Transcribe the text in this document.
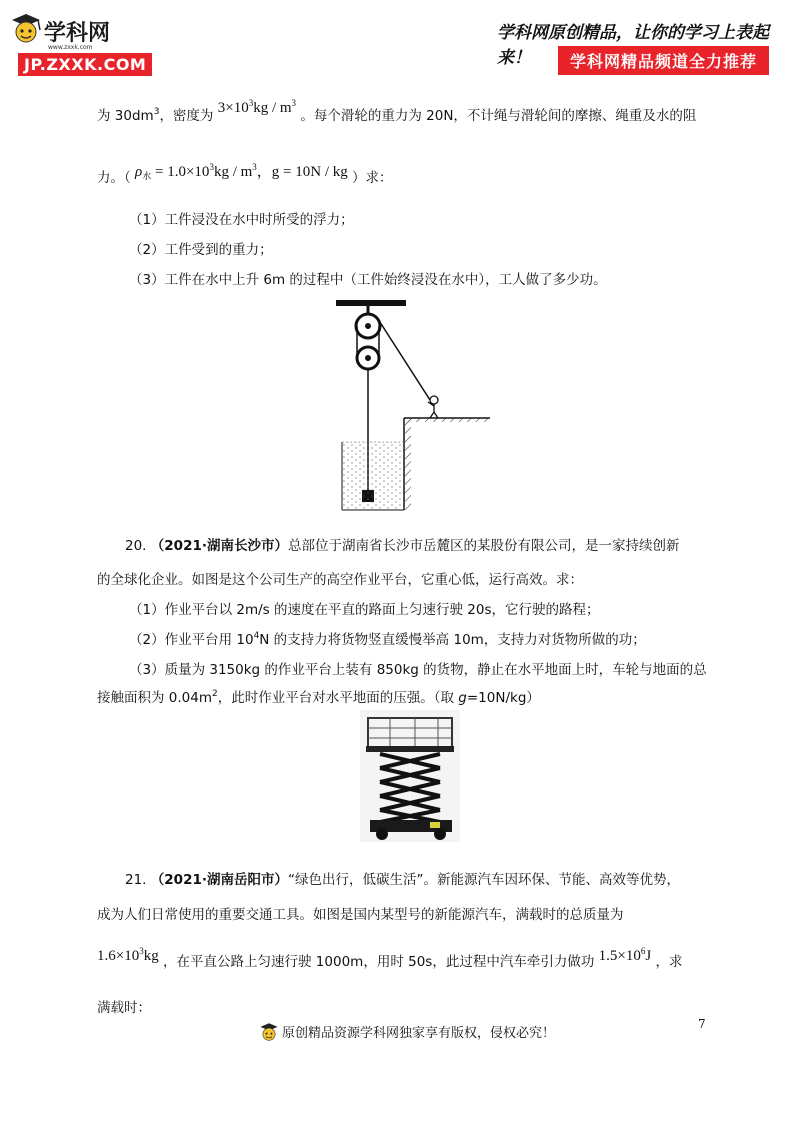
学科网
www.zxxk.com
JP.ZXXK.COM
学科网原创精品，让你的学习上表起来！	学科网精品频道全力推荐
为 $30dm^3$，密度为 $3\times 10^3kg / m^3$ 。每个滑轮的重力为 20N，不计绳与滑轮间的摩擦、绳重及水的阻
力。（ $\rho_水 = 1.0\times 10^3kg / m^3$，g = 10N / kg ）求：
（1）工件浸没在水中时所受的浮力；
（2）工件受到的重力；
（3）工件在水中上升 6m 的过程中（工件始终浸没在水中），工人做了多少功。
20. （2021·湖南长沙市）总部位于湖南省长沙市岳麓区的某股份有限公司，是一家持续创新
的全球化企业。如图是这个公司生产的高空作业平台，它重心低，运行高效。求：
（1）作业平台以 2m/s 的速度在平直的路面上匀速行驶 20s，它行驶的路程；
（2）作业平台用 $10^4N$ 的支持力将货物竖直缓慢举高 10m，支持力对货物所做的功；
（3）质量为 3150kg 的作业平台上装有 850kg 的货物，静止在水平地面上时，车轮与地面的总
接触面积为 $0.04m^2$，此时作业平台对水平地面的压强。（取 g=10N/kg）
21. （2021·湖南岳阳市）“绿色出行，低碳生活”。新能源汽车因环保、节能、高效等优势，
成为人们日常使用的重要交通工具。如图是国内某型号的新能源汽车，满载时的总质量为
$1.6\times 10^3kg$ ，在平直公路上匀速行驶 1000m，用时 50s，此过程中汽车牵引力做功 $1.5\times 10^6J$ ，求
满载时：
7
原创精品资源学科网独家享有版权，侵权必究！
